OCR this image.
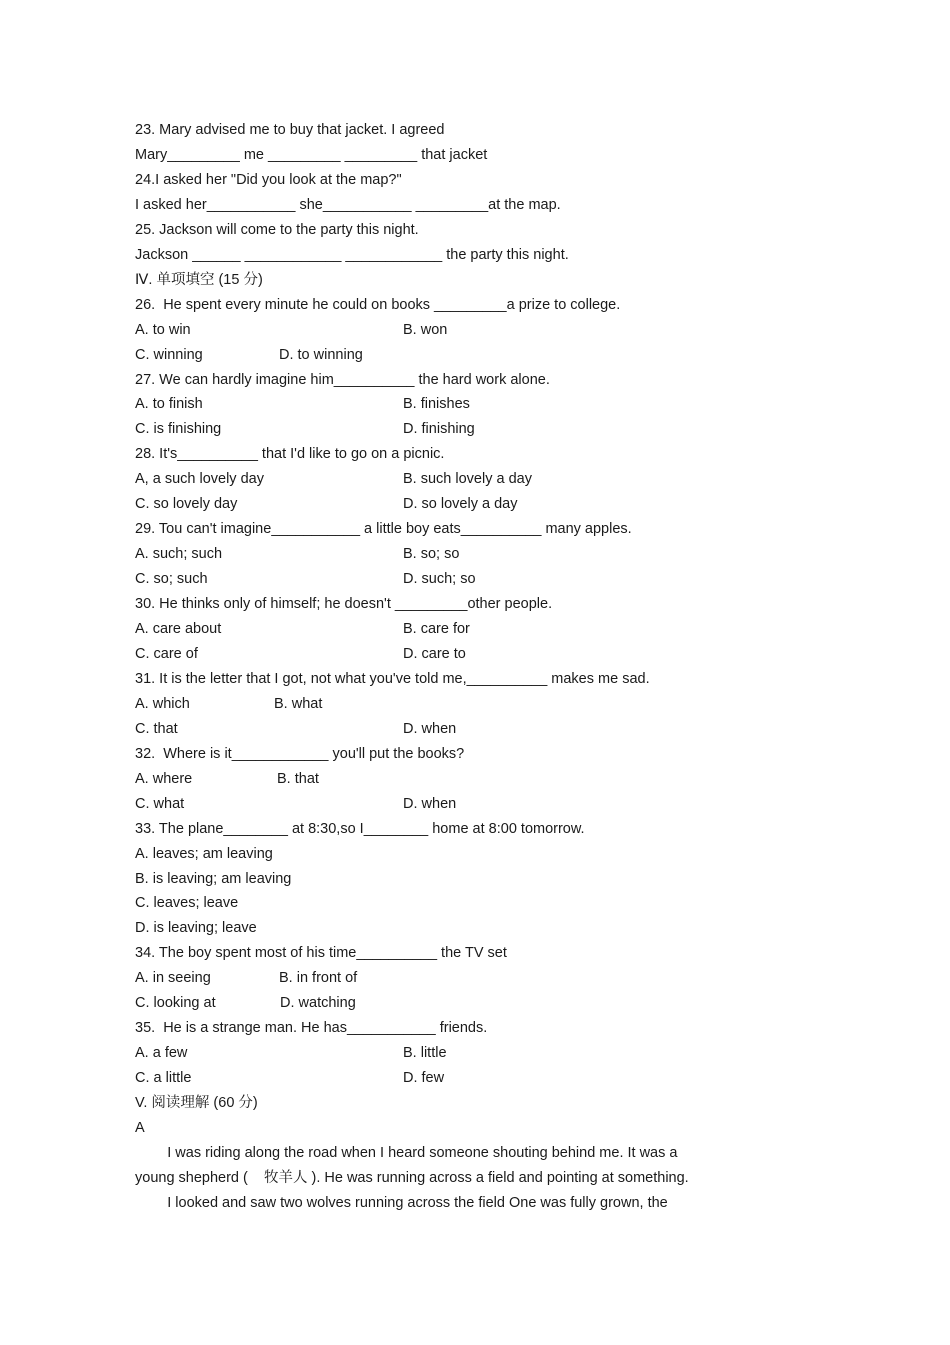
23. Mary advised me to buy that jacket. I agreed
Mary_________ me _________ _________ that jacket
24.I asked her "Did you look at the map?"
I asked her___________ she___________ _________at the map.
25. Jackson will come to the party this night.
Jackson ______ ____________ ____________ the party this night.
Ⅳ. 单项填空 (15 分)
26.  He spent every minute he could on books _________a prize to college.
A. to win	B. won
C. winning	D. to winning
27. We can hardly imagine him__________ the hard work alone.
A. to finish	B. finishes
C. is finishing	D. finishing
28. It's__________ that I'd like to go on a picnic.
A, a such lovely day	B. such lovely a day
C. so lovely day	D. so lovely a day
29. Tou can't imagine___________ a little boy eats__________ many apples.
A. such; such	B. so; so
C. so; such	D. such; so
30. He thinks only of himself; he doesn't _________other people.
A. care about	B. care for
C. care of	D. care to
31. It is the letter that I got, not what you've told me,__________ makes me sad.
A. which	B. what
C. that	D. when
32.  Where is it____________ you'll put the books?
A. where	B. that
C. what	D. when
33. The plane________ at 8:30,so I________ home at 8:00 tomorrow.
A. leaves; am leaving
B. is leaving; am leaving
C. leaves; leave
D. is leaving; leave
34. The boy spent most of his time__________ the TV set
A. in seeing	B. in front of
C. looking at	D. watching
35.  He is a strange man. He has___________ friends.
A. a few	B. little
C. a little	D. few
V. 阅读理解 (60 分)
A
I was riding along the road when I heard someone shouting behind me. It was a
young shepherd (    牧羊人 ). He was running across a field and pointing at something.
I looked and saw two wolves running across the field One was fully grown, the
